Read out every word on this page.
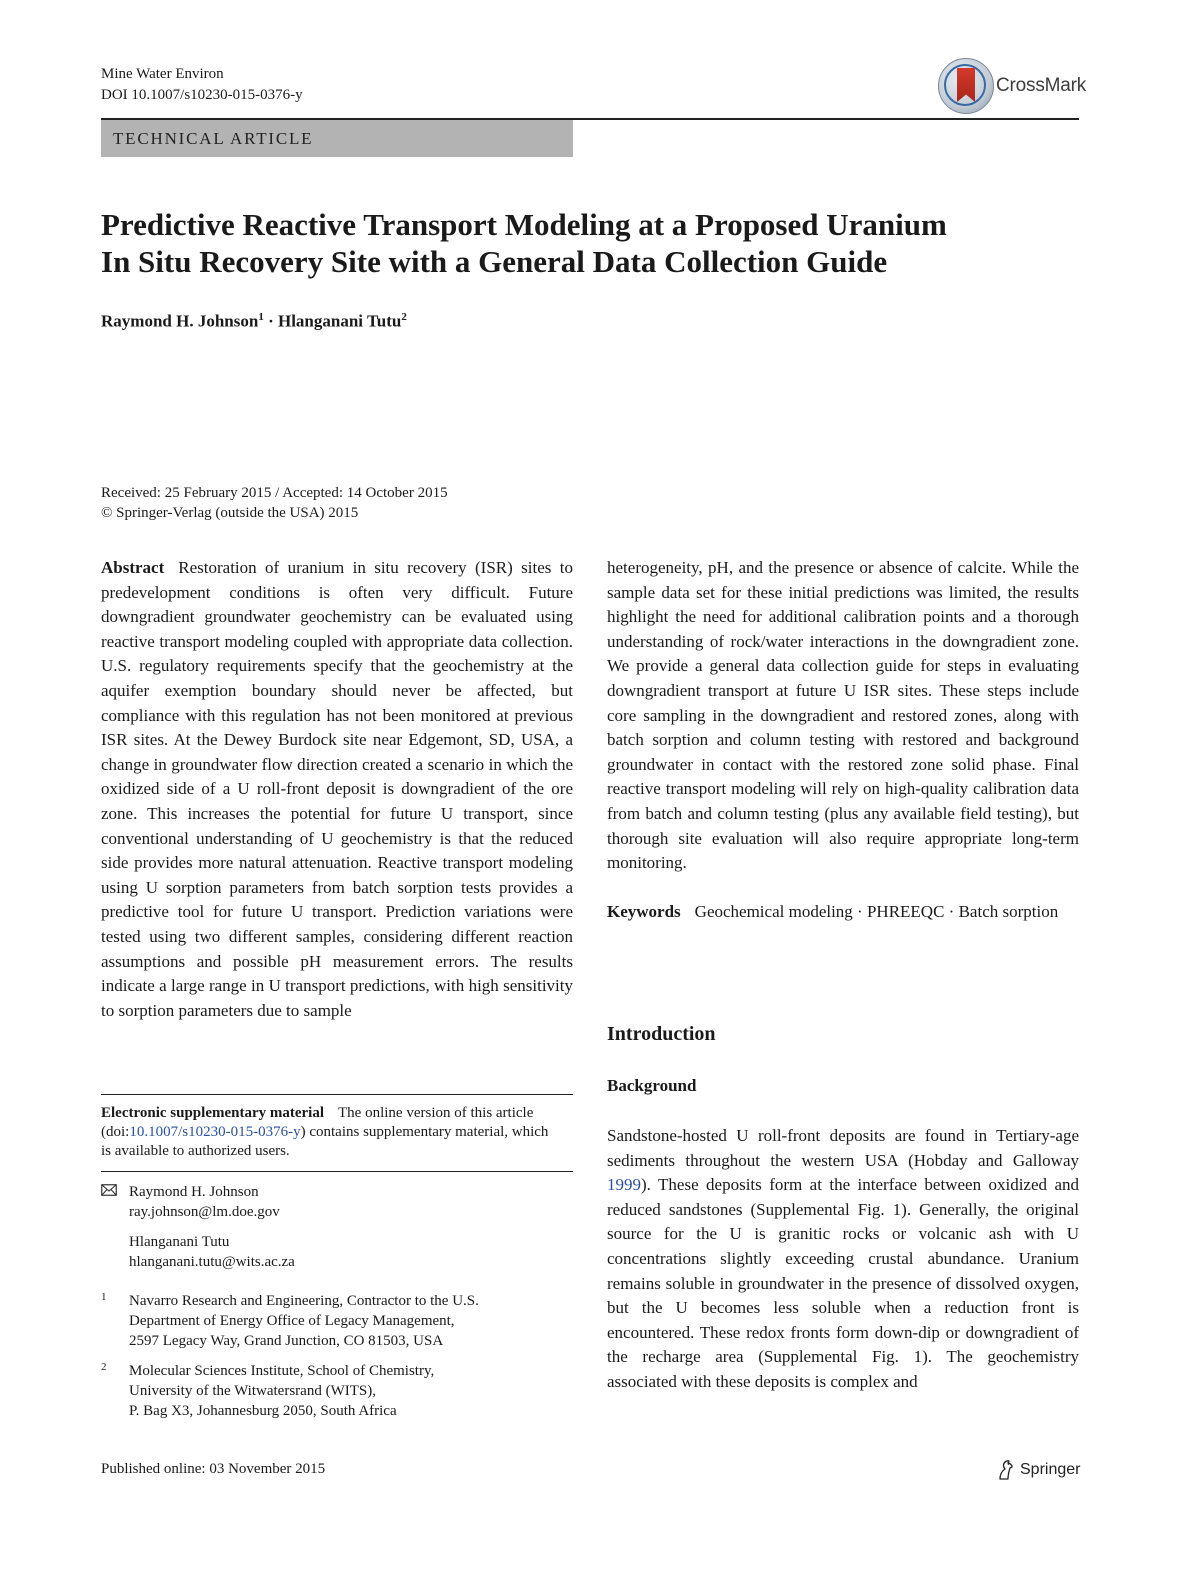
Mine Water Environ
DOI 10.1007/s10230-015-0376-y	CrossMark
TECHNICAL ARTICLE
Predictive Reactive Transport Modeling at a Proposed Uranium
In Situ Recovery Site with a General Data Collection Guide
Raymond H. Johnson$^1$ · Hlanganani Tutu$^2$
Received: 25 February 2015 / Accepted: 14 October 2015
© Springer-Verlag (outside the USA) 2015

Abstract Restoration of uranium in situ recovery (ISR) sites to predevelopment conditions is often very difficult. Future downgradient groundwater geochemistry can be evaluated using reactive transport modeling coupled with appropriate data collection. U.S. regulatory requirements specify that the geochemistry at the aquifer exemption boundary should never be affected, but compliance with this regulation has not been monitored at previous ISR sites. At the Dewey Burdock site near Edgemont, SD, USA, a change in groundwater flow direction created a scenario in which the oxidized side of a U roll-front deposit is downgradient of the ore zone. This increases the potential for future U transport, since conventional understanding of U geochemistry is that the reduced side provides more natural attenuation. Reactive transport modeling using U sorption parameters from batch sorption tests provides a predictive tool for future U transport. Prediction variations were tested using two different samples, considering different reaction assumptions and possible pH measurement errors. The results indicate a large range in U transport predictions, with high sensitivity to sorption parameters due to sample

heterogeneity, pH, and the presence or absence of calcite. While the sample data set for these initial predictions was limited, the results highlight the need for additional calibration points and a thorough understanding of rock/water interactions in the downgradient zone. We provide a general data collection guide for steps in evaluating downgradient transport at future U ISR sites. These steps include core sampling in the downgradient and restored zones, along with batch sorption and column testing with restored and background groundwater in contact with the restored zone solid phase. Final reactive transport modeling will rely on high-quality calibration data from batch and column testing (plus any available field testing), but thorough site evaluation will also require appropriate long-term monitoring.

Keywords Geochemical modeling · PHREEQC · Batch sorption

Introduction
Background

Sandstone-hosted U roll-front deposits are found in Tertiary-age sediments throughout the western USA (Hobday and Galloway 1999). These deposits form at the interface between oxidized and reduced sandstones (Supplemental Fig. 1). Generally, the original source for the U is granitic rocks or volcanic ash with U concentrations slightly exceeding crustal abundance. Uranium remains soluble in groundwater in the presence of dissolved oxygen, but the U becomes less soluble when a reduction front is encountered. These redox fronts form down-dip or downgradient of the recharge area (Supplemental Fig. 1). The geochemistry associated with these deposits is complex and

Electronic supplementary material The online version of this article (doi:10.1007/s10230-015-0376-y) contains supplementary material, which is available to authorized users.
Raymond H. Johnson
ray.johnson@lm.doe.gov
Hlanganani Tutu
hlanganani.tutu@wits.ac.za
1 Navarro Research and Engineering, Contractor to the U.S.
Department of Energy Office of Legacy Management,
2597 Legacy Way, Grand Junction, CO 81503, USA
2 Molecular Sciences Institute, School of Chemistry,
University of the Witwatersrand (WITS),
P. Bag X3, Johannesburg 2050, South Africa
Published online: 03 November 2015	Springer
